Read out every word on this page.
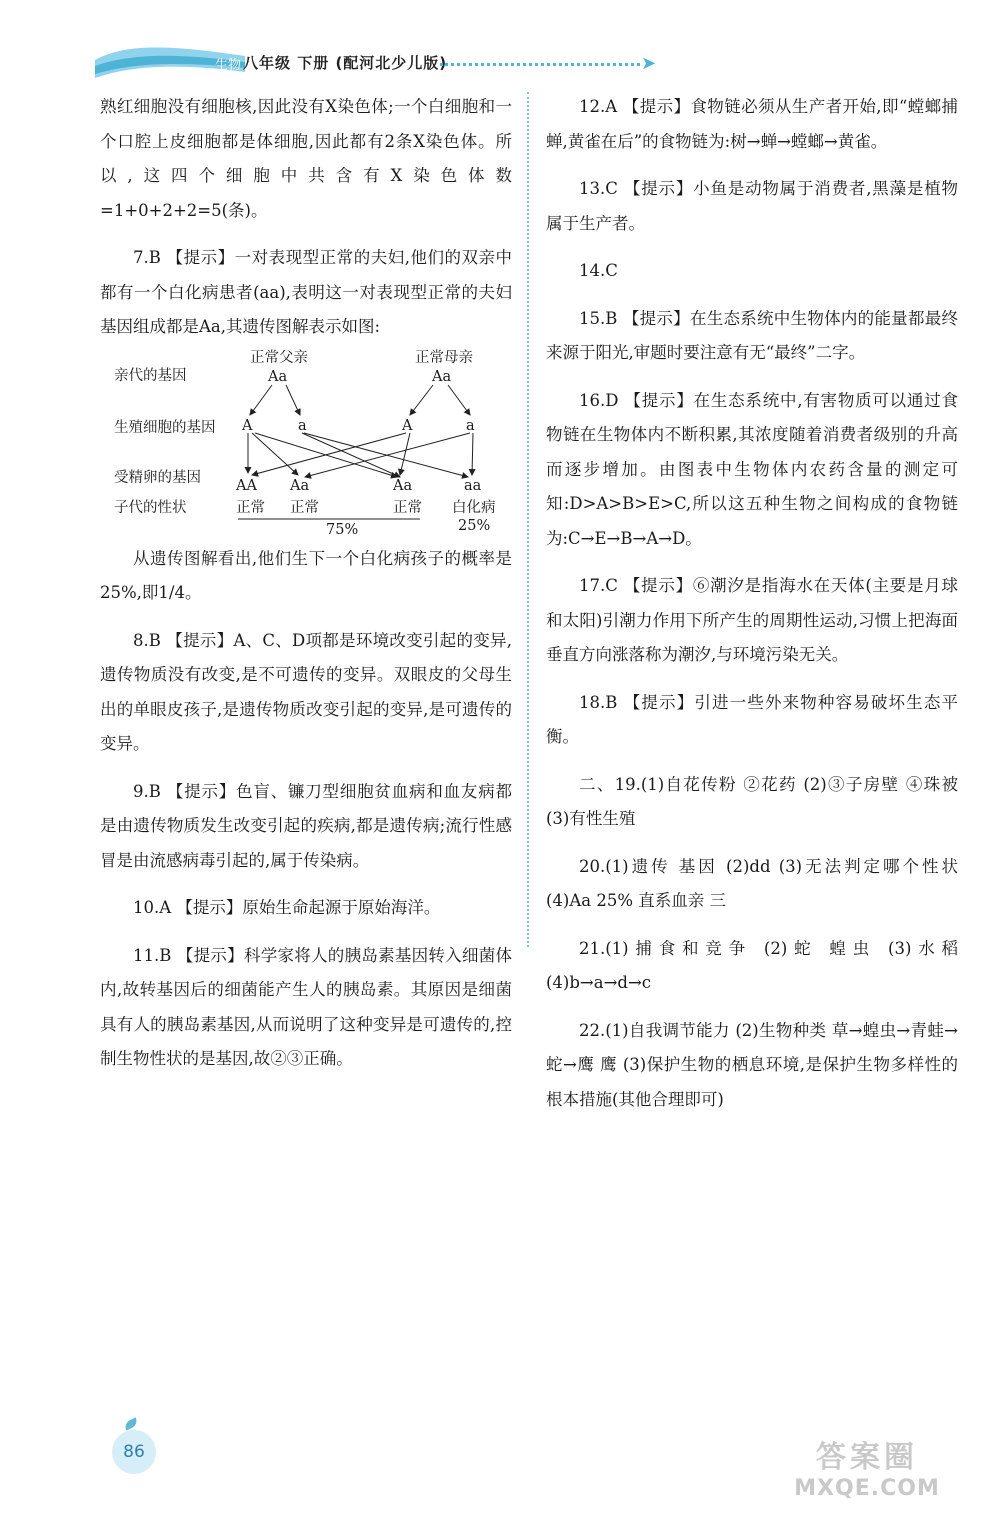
生物 八年级 下册 (配河北少儿版)	➤

熟红细胞没有细胞核,因此没有X染色体;一个白细胞和一个口腔上皮细胞都是体细胞,因此都有2条X染色体。所以,这四个细胞中共含有X染色体数=1+0+2+2=5(条)。

7.B 【提示】一对表现型正常的夫妇,他们的双亲中都有一个白化病患者(aa),表明这一对表现型正常的夫妇基因组成都是Aa,其遗传图解表示如图:

正常父亲	正常母亲
Aa	Aa
亲代的基因
生殖细胞的基因 A	a	A	a
受精卵的基因 AA Aa	Aa	aa
子代的性状	正常 正常	正常 白化病
75%	25%

从遗传图解看出,他们生下一个白化病孩子的概率是25%,即1/4。

8.B 【提示】A、C、D项都是环境改变引起的变异,遗传物质没有改变,是不可遗传的变异。双眼皮的父母生出的单眼皮孩子,是遗传物质改变引起的变异,是可遗传的变异。

9.B 【提示】色盲、镰刀型细胞贫血病和血友病都是由遗传物质发生改变引起的疾病,都是遗传病;流行性感冒是由流感病毒引起的,属于传染病。

10.A 【提示】原始生命起源于原始海洋。

11.B 【提示】科学家将人的胰岛素基因转入细菌体内,故转基因后的细菌能产生人的胰岛素。其原因是细菌具有人的胰岛素基因,从而说明了这种变异是可遗传的,控制生物性状的是基因,故②③正确。

12.A 【提示】食物链必须从生产者开始,即“螳螂捕蝉,黄雀在后”的食物链为:树→蝉→螳螂→黄雀。

13.C 【提示】小鱼是动物属于消费者,黑藻是植物属于生产者。

14.C

15.B 【提示】在生态系统中生物体内的能量都最终来源于阳光,审题时要注意有无“最终”二字。

16.D 【提示】在生态系统中,有害物质可以通过食物链在生物体内不断积累,其浓度随着消费者级别的升高而逐步增加。由图表中生物体内农药含量的测定可知:D>A>B>E>C,所以这五种生物之间构成的食物链为:C→E→B→A→D。

17.C 【提示】⑥潮汐是指海水在天体(主要是月球和太阳)引潮力作用下所产生的周期性运动,习惯上把海面垂直方向涨落称为潮汐,与环境污染无关。

18.B 【提示】引进一些外来物种容易破坏生态平衡。

二、19.(1)自花传粉 ②花药 (2)③子房壁 ④珠被 (3)有性生殖

20.(1)遗传 基因 (2)dd (3)无法判定哪个性状 (4)Aa 25% 直系血亲 三

21.(1)捕食和竞争 (2)蛇 蝗虫 (3)水稻 (4)b→a→d→c

22.(1)自我调节能力 (2)生物种类 草→蝗虫→青蛙→蛇→鹰 鹰 (3)保护生物的栖息环境,是保护生物多样性的根本措施(其他合理即可)

86	答案圈
MXQE.COM
